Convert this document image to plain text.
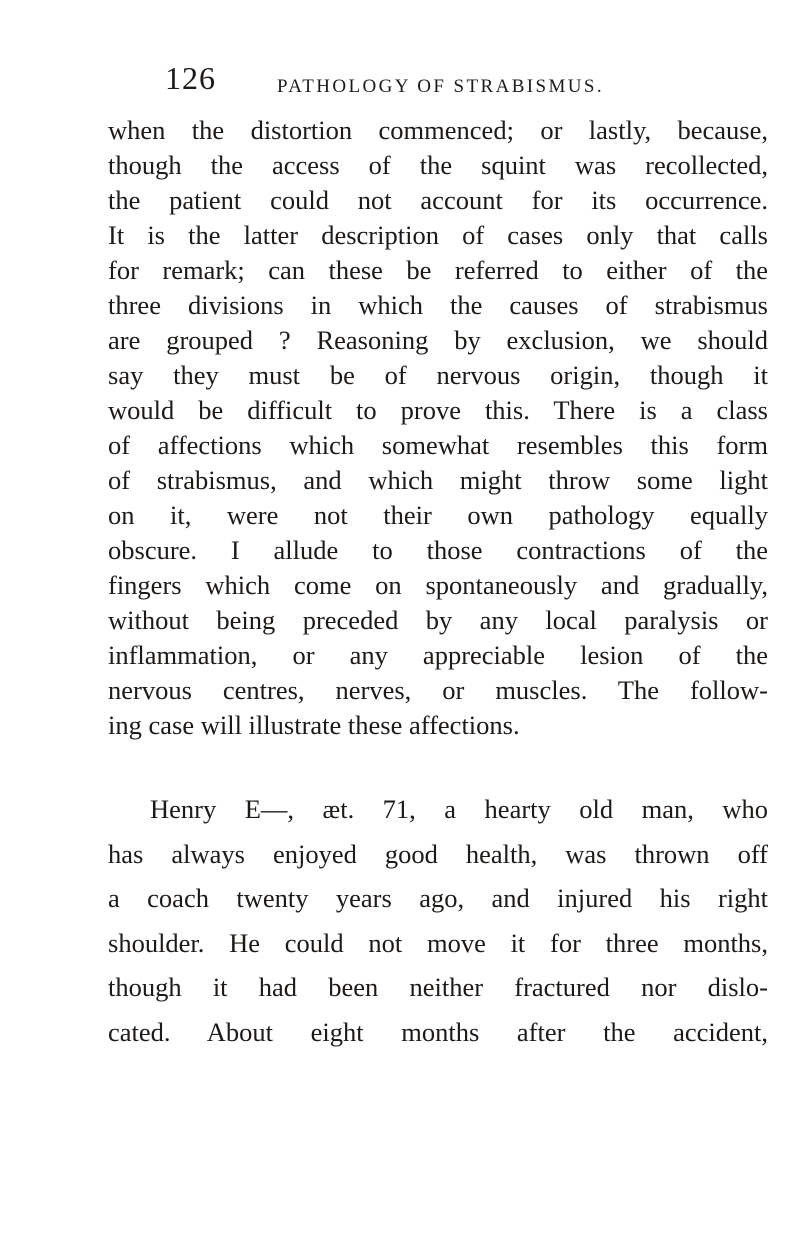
126	PATHOLOGY OF STRABISMUS.
when the distortion commenced; or lastly, because,
though the access of the squint was recollected,
the patient could not account for its occurrence.
It is the latter description of cases only that calls
for remark; can these be referred to either of the
three divisions in which the causes of strabismus
are grouped ? Reasoning by exclusion, we should
say they must be of nervous origin, though it
would be difficult to prove this. There is a class
of affections which somewhat resembles this form
of strabismus, and which might throw some light
on it, were not their own pathology equally
obscure. I allude to those contractions of the
fingers which come on spontaneously and gradually,
without being preceded by any local paralysis or
inflammation, or any appreciable lesion of the
nervous centres, nerves, or muscles. The follow-
ing case will illustrate these affections.
Henry E—, æt. 71, a hearty old man, who
has always enjoyed good health, was thrown off
a coach twenty years ago, and injured his right
shoulder. He could not move it for three months,
though it had been neither fractured nor dislo-
cated. About eight months after the accident,
